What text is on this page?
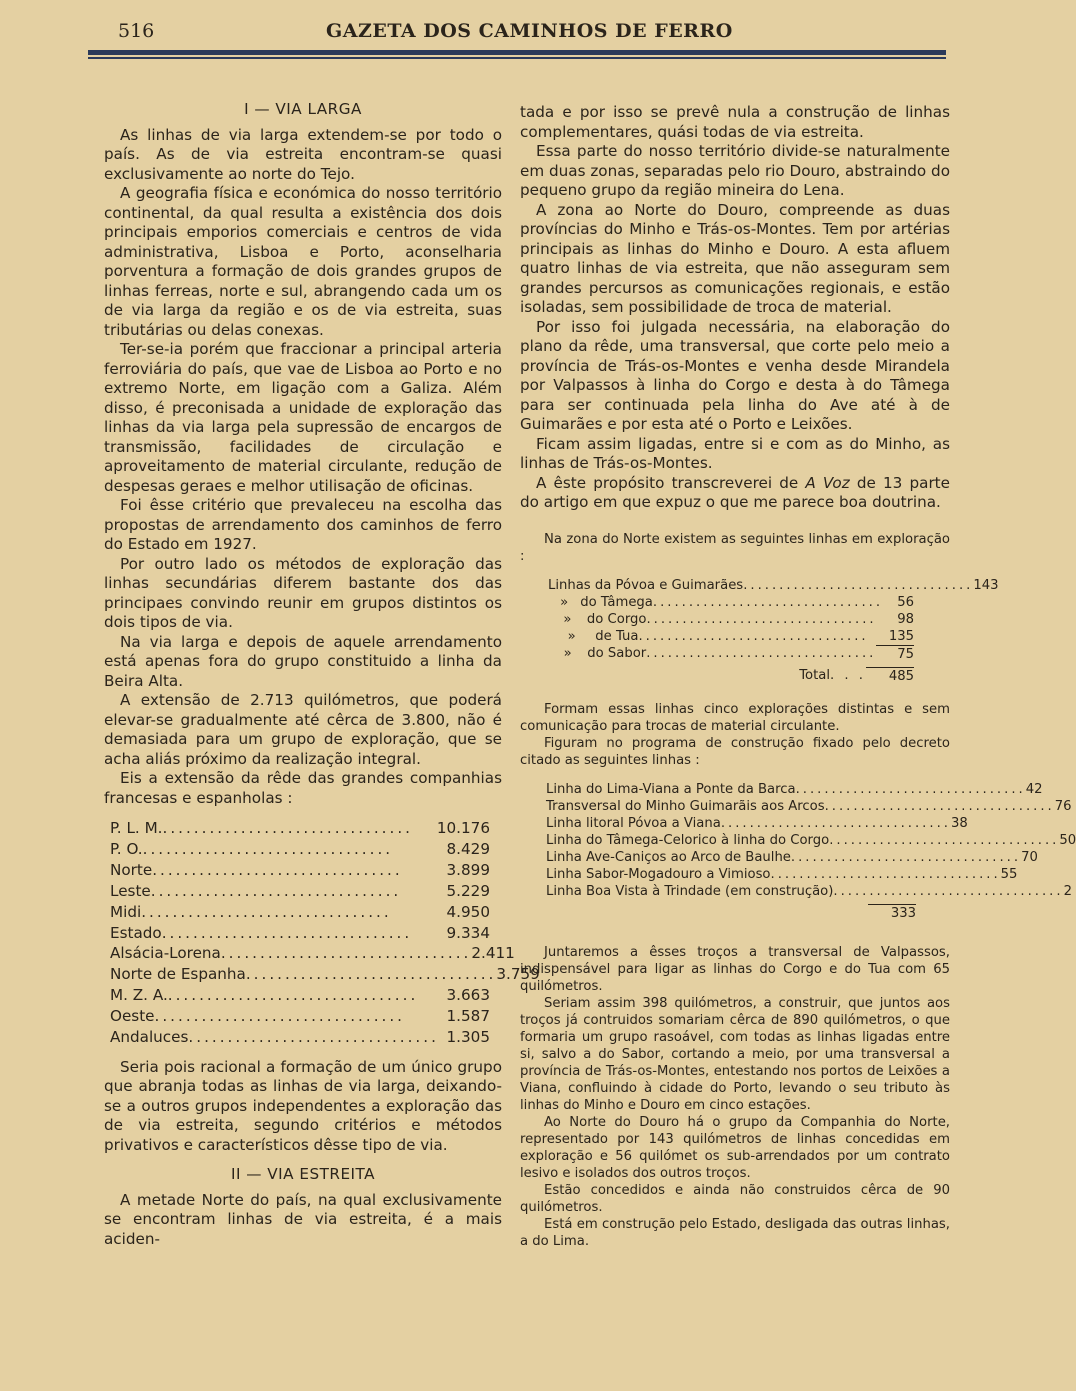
516	GAZETA DOS CAMINHOS DE FERRO
I — VIA LARGA

As linhas de via larga extendem-se por todo o país. As de via estreita encontram-se quasi exclusivamente ao norte do Tejo.

A geografia física e económica do nosso território continental, da qual resulta a existência dos dois principais emporios comerciais e centros de vida administrativa, Lisboa e Porto, aconselharia porventura a formação de dois grandes grupos de linhas ferreas, norte e sul, abrangendo cada um os de via larga da região e os de via estreita, suas tributárias ou delas conexas.

Ter-se-ia porém que fraccionar a principal arteria ferroviária do país, que vae de Lisboa ao Porto e no extremo Norte, em ligação com a Galiza. Além disso, é preconisada a unidade de exploração das linhas da via larga pela supressão de encargos de transmissão, facilidades de circulação e aproveitamento de material circulante, redução de despesas geraes e melhor utilisação de oficinas.

Foi êsse critério que prevaleceu na escolha das propostas de arrendamento dos caminhos de ferro do Estado em 1927.

Por outro lado os métodos de exploração das linhas secundárias diferem bastante dos das principaes convindo reunir em grupos distintos os dois tipos de via.

Na via larga e depois de aquele arrendamento está apenas fora do grupo constituido a linha da Beira Alta.

A extensão de 2.713 quilómetros, que poderá elevar-se gradualmente até cêrca de 3.800, não é demasiada para um grupo de exploração, que se acha aliás próximo da realização integral.

Eis a extensão da rêde das grandes companhias francesas e espanholas :

P. L. M. ................................	10.176
P. O. ................................	8.429
Norte ................................	3.899
Leste ................................	5.229
Midi ................................	4.950
Estado ................................	9.334
Alsácia-Lorena ................................ 2.411
Norte de Espanha ................................ 3.759
M. Z. A. ................................	3.663
Oeste ................................	1.587
Andaluces ................................ 1.305

Seria pois racional a formação de um único grupo que abranja todas as linhas de via larga, deixando-se a outros grupos independentes a exploração das de via estreita, segundo critérios e métodos privativos e característicos dêsse tipo de via.

II — VIA ESTREITA

A metade Norte do país, na qual exclusivamente se encontram linhas de via estreita, é a mais aciden-

tada e por isso se prevê nula a construção de linhas complementares, quási todas de via estreita.

Essa parte do nosso território divide-se naturalmente em duas zonas, separadas pelo rio Douro, abstraindo do pequeno grupo da região mineira do Lena.

A zona ao Norte do Douro, compreende as duas províncias do Minho e Trás-os-Montes. Tem por artérias principais as linhas do Minho e Douro. A esta afluem quatro linhas de via estreita, que não asseguram sem grandes percursos as comunicações regionais, e estão isoladas, sem possibilidade de troca de material.

Por isso foi julgada necessária, na elaboração do plano da rêde, uma transversal, que corte pelo meio a província de Trás-os-Montes e venha desde Mirandela por Valpassos à linha do Corgo e desta à do Tâmega para ser continuada pela linha do Ave até à de Guimarães e por esta até o Porto e Leixões.

Ficam assim ligadas, entre si e com as do Minho, as linhas de Trás-os-Montes.

A êste propósito transcreverei de A Voz de 13 parte do artigo em que expuz o que me parece boa doutrina.

Na zona do Norte existem as seguintes linhas em exploração :

Linhas da Póvoa e Guimarães ................................ 143
» do Tâmega ................................	56
»	do Corgo ................................	98
»	de Tua ................................	135
»	do Sabor ................................	75
Total . . .	485

Formam essas linhas cinco explorações distintas e sem comunicação para trocas de material circulante.

Figuram no programa de construção fixado pelo decreto citado as seguintes linhas :

Linha do Lima-Viana a Ponte da Barca ................................ 42
Transversal do Minho Guimarãis aos Arcos ................................ 76
Linha litoral Póvoa a Viana ................................ 38
Linha do Tâmega-Celorico à linha do Corgo ................................ 50
Linha Ave-Caniços ao Arco de Baulhe ................................ 70
Linha Sabor-Mogadouro a Vimioso ................................ 55
Linha Boa Vista à Trindade (em construção) ................................ 2
333

Juntaremos a êsses troços a transversal de Valpassos, indispensável para ligar as linhas do Corgo e do Tua com 65 quilómetros.

Seriam assim 398 quilómetros, a construir, que juntos aos troços já contruidos somariam cêrca de 890 quilómetros, o que formaria um grupo rasoável, com todas as linhas ligadas entre si, salvo a do Sabor, cortando a meio, por uma transversal a província de Trás-os-Montes, entestando nos portos de Leixões a Viana, confluindo à cidade do Porto, levando o seu tributo às linhas do Minho e Douro em cinco estações.

Ao Norte do Douro há o grupo da Companhia do Norte, representado por 143 quilómetros de linhas concedidas em exploração e 56 quilómet os sub-arrendados por um contrato lesivo e isolados dos outros troços.

Estão concedidos e ainda não construidos cêrca de 90 quilómetros.

Está em construção pelo Estado, desligada das outras linhas, a do Lima.
